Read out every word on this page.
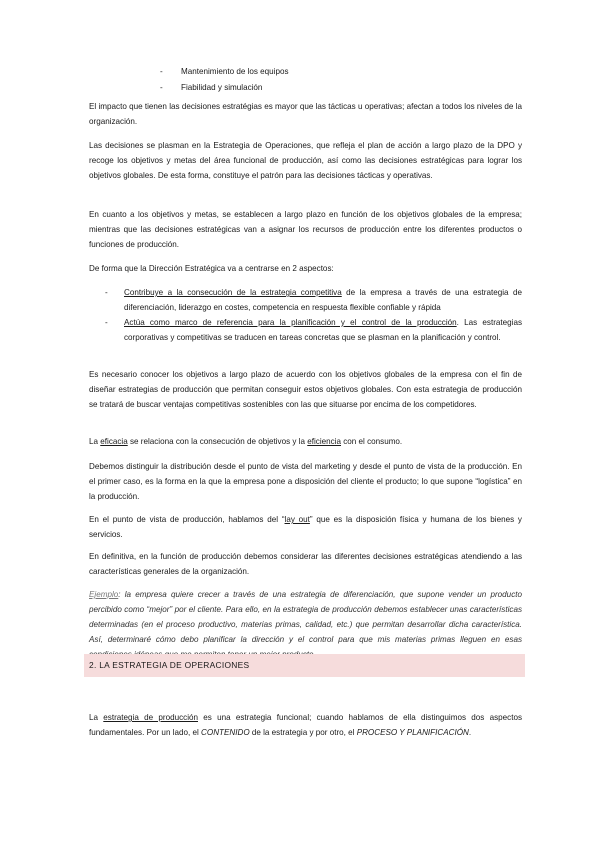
- Mantenimiento de los equipos
- Fiabilidad y simulación

El impacto que tienen las decisiones estratégias es mayor que las tácticas u operativas; afectan a todos los niveles de la organización.

Las decisiones se plasman en la Estrategia de Operaciones, que refleja el plan de acción a largo plazo de la DPO y recoge los objetivos y metas del área funcional de producción, así como las decisiones estratégicas para lograr los objetivos globales. De esta forma, constituye el patrón para las decisiones tácticas y operativas.

En cuanto a los objetivos y metas, se establecen a largo plazo en función de los objetivos globales de la empresa; mientras que las decisiones estratégicas van a asignar los recursos de producción entre los diferentes productos o funciones de producción.

De forma que la Dirección Estratégica va a centrarse en 2 aspectos:

- Contribuye a la consecución de la estrategia competitiva de la empresa a través de una estrategia de diferenciación, liderazgo en costes, competencia en respuesta flexible confiable y rápida
- Actúa como marco de referencia para la planificación y el control de la producción. Las estrategias corporativas y competitivas se traducen en tareas concretas que se plasman en la planificación y control.

Es necesario conocer los objetivos a largo plazo de acuerdo con los objetivos globales de la empresa con el fin de diseñar estrategias de producción que permitan conseguir estos objetivos globales. Con esta estrategia de producción se tratará de buscar ventajas competitivas sostenibles con las que situarse por encima de los competidores.

La eficacia se relaciona con la consecución de objetivos y la eficiencia con el consumo.

Debemos distinguir la distribución desde el punto de vista del marketing y desde el punto de vista de la producción. En el primer caso, es la forma en la que la empresa pone a disposición del cliente el producto; lo que supone “logística” en la producción.

En el punto de vista de producción, hablamos del “lay out” que es la disposición física y humana de los bienes y servicios.

En definitiva, en la función de producción debemos considerar las diferentes decisiones estratégicas atendiendo a las características generales de la organización.

Ejemplo: la empresa quiere crecer a través de una estrategia de diferenciación, que supone vender un producto percibido como “mejor” por el cliente. Para ello, en la estrategia de producción debemos establecer unas características determinadas (en el proceso productivo, materias primas, calidad, etc.) que permitan desarrollar dicha característica. Así, determinaré cómo debo planificar la dirección y el control para que mis materias primas lleguen en esas

2. LA ESTRATEGIA DE OPERACIONES

La estrategia de producción es una estrategia funcional; cuando hablamos de ella distinguimos dos aspectos fundamentales. Por un lado, el CONTENIDO de la estrategia y por otro, el PROCESO Y PLANIFICACIÓN.
